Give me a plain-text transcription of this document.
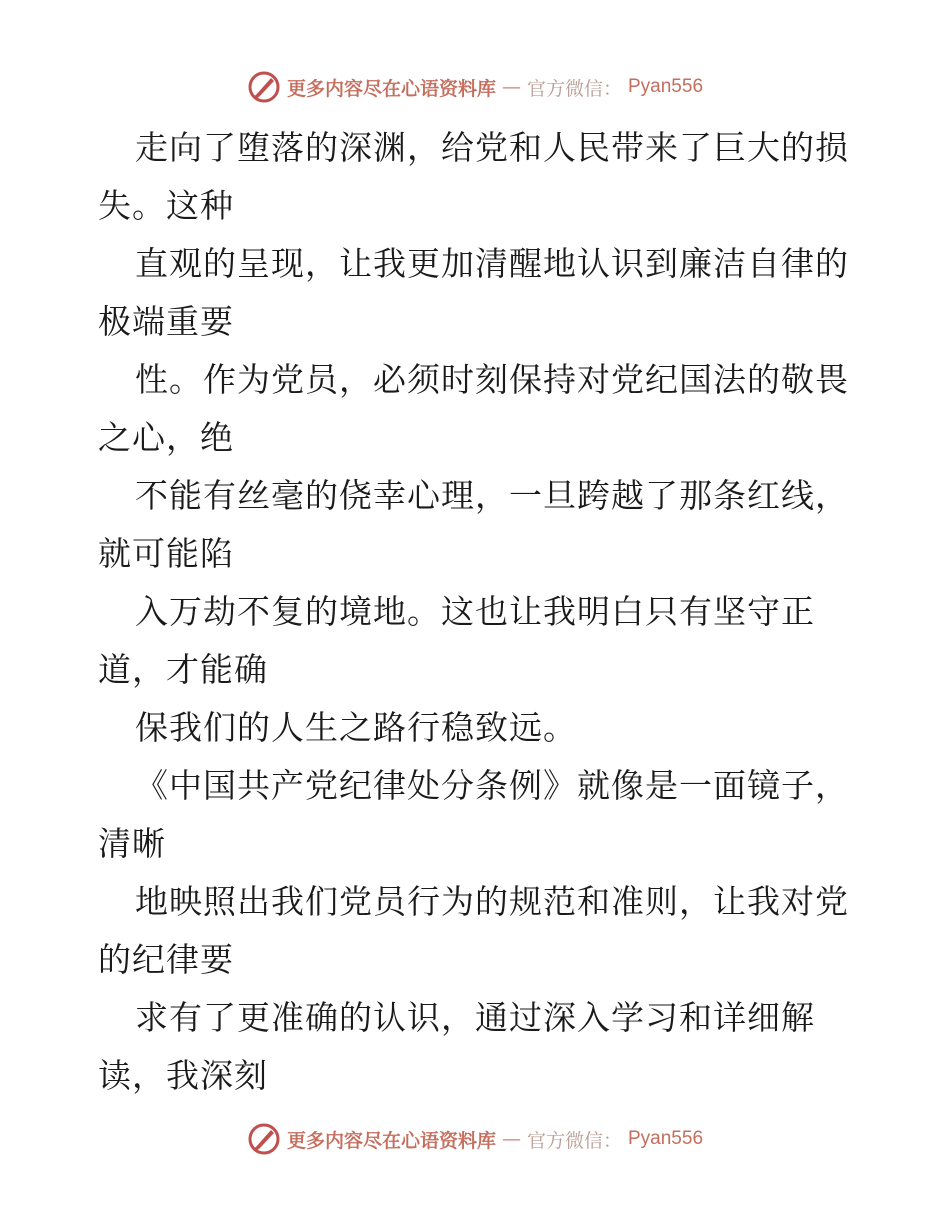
更多内容尽在心语资料库 — 官方微信： Pyan556
走向了堕落的深渊，给党和人民带来了巨大的损
失。这种
直观的呈现，让我更加清醒地认识到廉洁自律的
极端重要
性。作为党员，必须时刻保持对党纪国法的敬畏
之心，绝
不能有丝毫的侥幸心理，一旦跨越了那条红线，
就可能陷
入万劫不复的境地。这也让我明白只有坚守正
道，才能确
保我们的人生之路行稳致远。
《中国共产党纪律处分条例》就像是一面镜子，
清晰
地映照出我们党员行为的规范和准则，让我对党
的纪律要
求有了更准确的认识，通过深入学习和详细解
读，我深刻
更多内容尽在心语资料库 — 官方微信： Pyan556
